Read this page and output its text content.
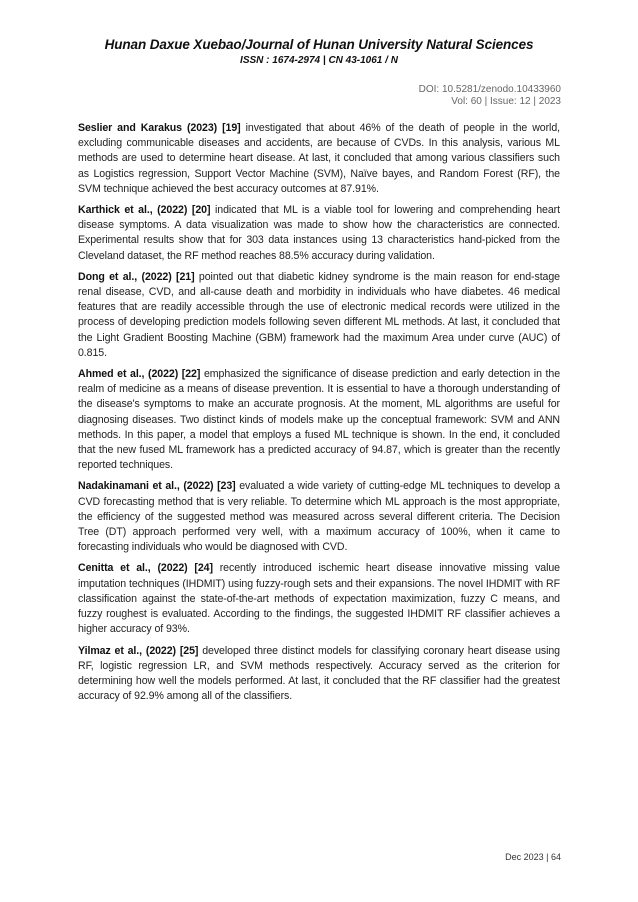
Hunan Daxue Xuebao/Journal of Hunan University Natural Sciences
ISSN : 1674-2974 | CN 43-1061 / N
DOI: 10.5281/zenodo.10433960
Vol: 60 | Issue: 12 | 2023

Seslier and Karakus (2023) [19] investigated that about 46% of the death of people in the world, excluding communicable diseases and accidents, are because of CVDs. In this analysis, various ML methods are used to determine heart disease. At last, it concluded that among various classifiers such as Logistics regression, Support Vector Machine (SVM), Naïve bayes, and Random Forest (RF), the SVM technique achieved the best accuracy outcomes at 87.91%.

Karthick et al., (2022) [20] indicated that ML is a viable tool for lowering and comprehending heart disease symptoms. A data visualization was made to show how the characteristics are connected. Experimental results show that for 303 data instances using 13 characteristics hand-picked from the Cleveland dataset, the RF method reaches 88.5% accuracy during validation.

Dong et al., (2022) [21] pointed out that diabetic kidney syndrome is the main reason for end-stage renal disease, CVD, and all-cause death and morbidity in individuals who have diabetes. 46 medical features that are readily accessible through the use of electronic medical records were utilized in the process of developing prediction models following seven different ML methods. At last, it concluded that the Light Gradient Boosting Machine (GBM) framework had the maximum Area under curve (AUC) of 0.815.

Ahmed et al., (2022) [22] emphasized the significance of disease prediction and early detection in the realm of medicine as a means of disease prevention. It is essential to have a thorough understanding of the disease's symptoms to make an accurate prognosis. At the moment, ML algorithms are useful for diagnosing diseases. Two distinct kinds of models make up the conceptual framework: SVM and ANN methods. In this paper, a model that employs a fused ML technique is shown. In the end, it concluded that the new fused ML framework has a predicted accuracy of 94.87, which is greater than the recently reported techniques.

Nadakinamani et al., (2022) [23] evaluated a wide variety of cutting-edge ML techniques to develop a CVD forecasting method that is very reliable. To determine which ML approach is the most appropriate, the efficiency of the suggested method was measured across several different criteria. The Decision Tree (DT) approach performed very well, with a maximum accuracy of 100%, when it came to forecasting individuals who would be diagnosed with CVD.

Cenitta et al., (2022) [24] recently introduced ischemic heart disease innovative missing value imputation techniques (IHDMIT) using fuzzy-rough sets and their expansions. The novel IHDMIT with RF classification against the state-of-the-art methods of expectation maximization, fuzzy C means, and fuzzy roughest is evaluated. According to the findings, the suggested IHDMIT RF classifier achieves a higher accuracy of 93%.

Yilmaz et al., (2022) [25] developed three distinct models for classifying coronary heart disease using RF, logistic regression LR, and SVM methods respectively. Accuracy served as the criterion for determining how well the models performed. At last, it concluded that the RF classifier had the greatest accuracy of 92.9% among all of the classifiers.

Dec 2023 | 64
